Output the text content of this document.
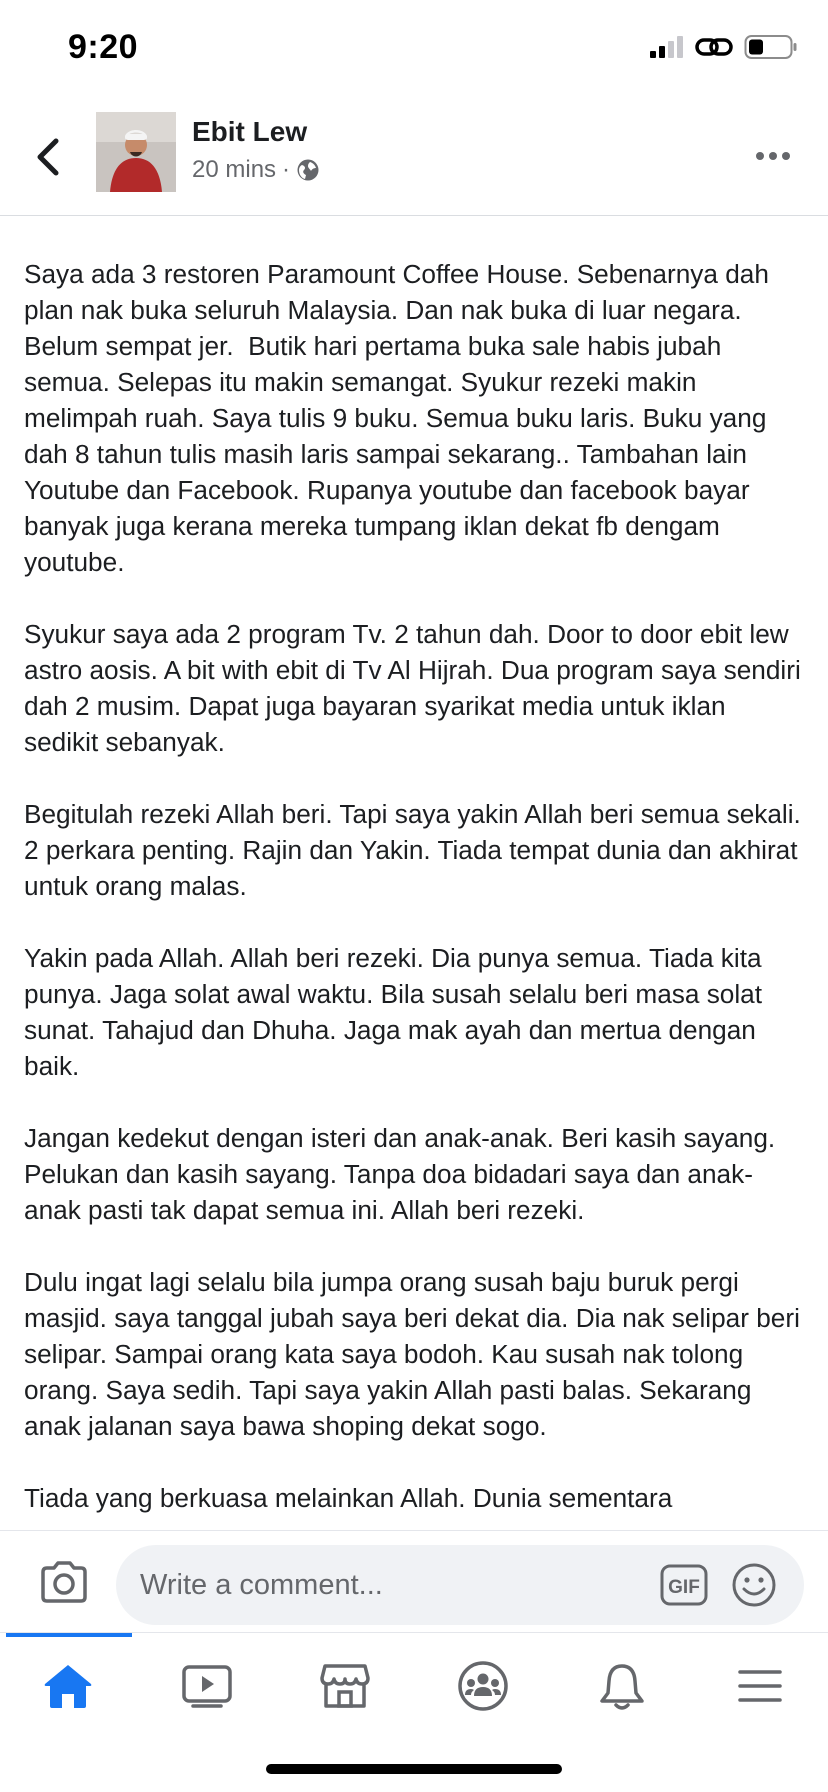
9:20
Ebit Lew
20 mins ·

Saya ada 3 restoren Paramount Coffee House. Sebenarnya dah plan nak buka seluruh Malaysia. Dan nak buka di luar negara. Belum sempat jer.  Butik hari pertama buka sale habis jubah semua. Selepas itu makin semangat. Syukur rezeki makin melimpah ruah. Saya tulis 9 buku. Semua buku laris. Buku yang dah 8 tahun tulis masih laris sampai sekarang.. Tambahan lain Youtube dan Facebook. Rupanya youtube dan facebook bayar banyak juga kerana mereka tumpang iklan dekat fb dengam youtube.

Syukur saya ada 2 program Tv. 2 tahun dah. Door to door ebit lew astro aosis. A bit with ebit di Tv Al Hijrah. Dua program saya sendiri dah 2 musim. Dapat juga bayaran syarikat media untuk iklan sedikit sebanyak.

Begitulah rezeki Allah beri. Tapi saya yakin Allah beri semua sekali. 2 perkara penting. Rajin dan Yakin. Tiada tempat dunia dan akhirat untuk orang malas.

Yakin pada Allah. Allah beri rezeki. Dia punya semua. Tiada kita punya. Jaga solat awal waktu. Bila susah selalu beri masa solat sunat. Tahajud dan Dhuha. Jaga mak ayah dan mertua dengan baik.

Jangan kedekut dengan isteri dan anak-anak. Beri kasih sayang. Pelukan dan kasih sayang. Tanpa doa bidadari saya dan anak-anak pasti tak dapat semua ini. Allah beri rezeki.

Dulu ingat lagi selalu bila jumpa orang susah baju buruk pergi masjid. saya tanggal jubah saya beri dekat dia. Dia nak selipar beri selipar. Sampai orang kata saya bodoh. Kau susah nak tolong orang. Saya sedih. Tapi saya yakin Allah pasti balas. Sekarang anak jalanan saya bawa shoping dekat sogo.

Tiada yang berkuasa melainkan Allah. Dunia sementara

Write a comment...
GIF
